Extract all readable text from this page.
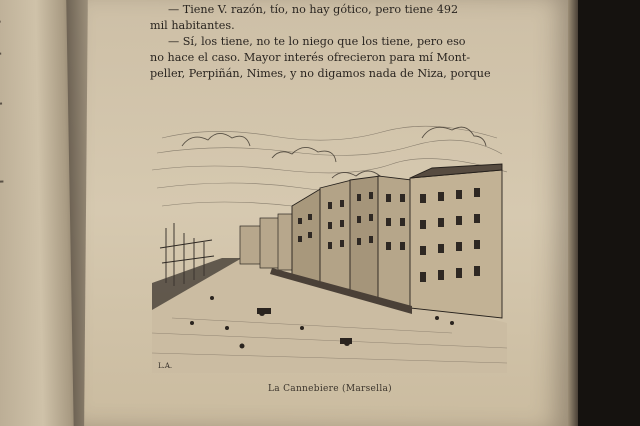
— Tiene V. razón, tío, no hay gótico, pero tiene 492
mil habitantes.
— Sí, los tiene, no te lo niego que los tiene, pero eso
no hace el caso. Mayor interés ofrecieron para mí Mont-
peller, Perpiñán, Nimes, y no digamos nada de Niza, porque
L.A.
La Cannebiere (Marsella)
